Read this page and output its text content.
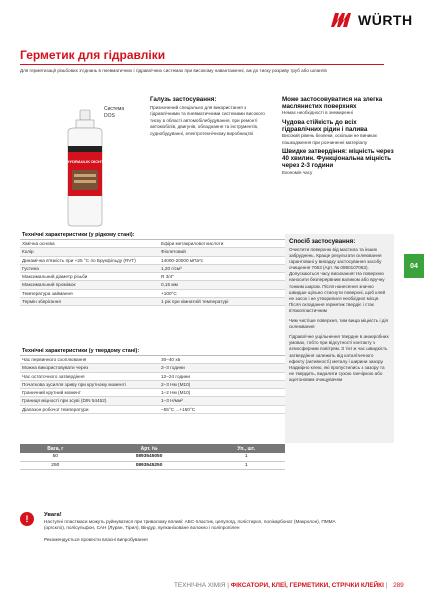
WÜRTH
Герметик для гідравліки
Для герметизації різьбових з'єднань в пневматичних і гідравлічних системах при високому навантаженні, аж до тиску розриву труб або шлангів
HYDRAULIK DICHT
Система
DOS
Галузь застосування:
Призначений спеціально для використання з гідравлічними та пневматичними системами високого тиску в області автомобілебудування, при ремонті автомобілів, двигунів, обладнання та інструментів, суднобудуванні, електротехнічному виробництві
Може застосовуватися на злегка маслянистих поверхнях
Немає необхідності в знежиренні
Чудова стійкість до всіх гідравлічних рідин і палива
Високий рівень безпеки, оскільки не виникає пошкодження при розчиненні матеріалу
Швидке затвердіння: міцність через 40 хвилин. Функціональна міцність через 2-3 години
Економія часу
Технічні характеристики (у рідкому стані):
Хімічна основа	Ефіри метакрилової кислоти
Колір	Фіолетовий
Динамічна в'язкість при +25 °С по Брукфільду (RVT)	14000-20000 мПа*с
Густина	1,20 г/см³
Максимальний діаметр різьби	R 3/4"
Максимальний проміжок	0,15 мм
Температура займання	+100°С
Термін зберігання	1 рік при кімнатній температурі
Технічні характеристики (у твердому стані):
Час первинного схоплювання	30–40 хв
Можна використовувати через	2–3 години
Час остаточного затвердіння	12–24 години
Початкова зусилля зриву при крутному моменті	2–3 Нм (М10)
Граничний крутний момент	1–2 Нм (М10)
Границя міцності при зсуві (DIN 54452)	1–3 Н/мм²
Діапазон робочої температури	–55°С ...+150°С
Спосіб застосування:
Очистити поверхню від мастила та інших забруднень. Краще результати склеювання гарантовані у випадку застосування засобу очищення 7063 (Арт. № 0890107063). Допускаються часу висихання! На поверхню наносити безперервним валиком або вручну тонким шаром. Після нанесення значно швидше щільно стиснути поверхні, щоб клей не засох і не утворилися необхідної місця. Після складання герметик твердіє і стає в'язкопластичним
Чим чистіше поверхня, тим вища міцність і дія склеювання
Гідравлічне ущільнення твердне в анаеробних умовах, тобто при відсутності контакту з атмосферним повітрям. З тієї ж час швидкість затвердіння залежить від каталітичного ефекту (активності) металу і ширини зазору. Надмірно клею, які пропустились з зазору та не твердить, видалити сухою ганчіркою або ацетоновим очищувачем
04
Вага, г	Арт. №	Уп., шт.
50	0893545050	1
250	0893545250	1
!	Увага!
Наступні пластмаси можуть руйнуватися при тривалому впливі: АБС-пластик, целулоїд, полістирол, полікарбонат (Макролон), ПММА (оргскло), полісульфон, САН (Луран, Тірил), Віндур, вулканізоване волокно і поліпропілен
Рекомендується провести власні випробування
ТЕХНІЧНА ХІМІЯ | ФІКСАТОРИ, КЛЕЇ, ГЕРМЕТИКИ, СТРІЧКИ КЛЕЙКІ | 289
